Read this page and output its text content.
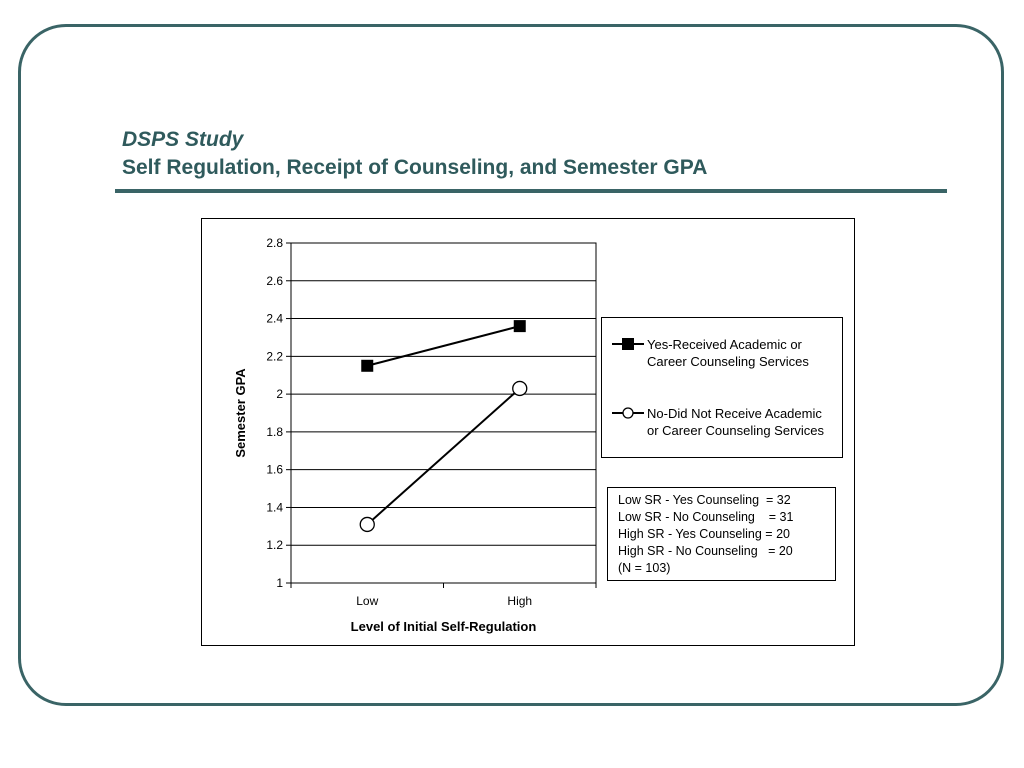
DSPS Study
Self Regulation, Receipt of Counseling, and Semester GPA
1
1.2
1.4
1.6
1.8
2
2.2
2.4
2.6
2.8
Low	High
Level of Initial Self-Regulation
Semester GPA
Yes-Received Academic or
Career Counseling Services
No-Did Not Receive Academic
or Career Counseling Services
Low SR - Yes Counseling  = 32
Low SR - No Counseling    = 31
High SR - Yes Counseling = 20
High SR - No Counseling   = 20
(N = 103)
